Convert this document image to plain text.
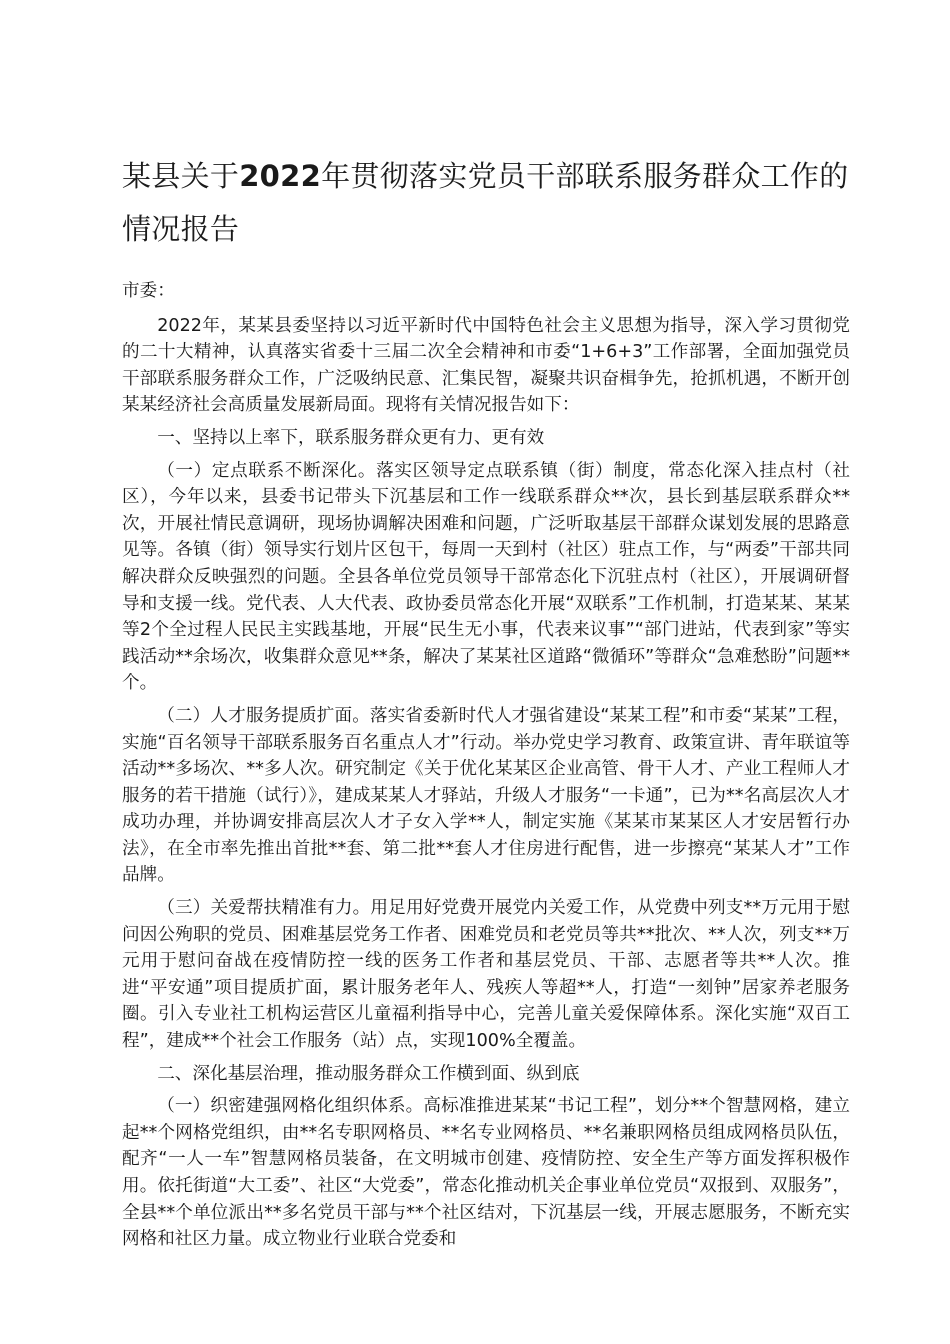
某县关于2022年贯彻落实党员干部联系服务群众工作的情况报告

市委：

2022年，某某县委坚持以习近平新时代中国特色社会主义思想为指导，深入学习贯彻党的二十大精神，认真落实省委十三届二次全会精神和市委“1+6+3”工作部署，全面加强党员干部联系服务群众工作，广泛吸纳民意、汇集民智，凝聚共识奋楫争先，抢抓机遇，不断开创某某经济社会高质量发展新局面。现将有关情况报告如下：

一、坚持以上率下，联系服务群众更有力、更有效

（一）定点联系不断深化。落实区领导定点联系镇（街）制度，常态化深入挂点村（社区），今年以来，县委书记带头下沉基层和工作一线联系群众**次，县长到基层联系群众**次，开展社情民意调研，现场协调解决困难和问题，广泛听取基层干部群众谋划发展的思路意见等。各镇（街）领导实行划片区包干，每周一天到村（社区）驻点工作，与“两委”干部共同解决群众反映强烈的问题。全县各单位党员领导干部常态化下沉驻点村（社区），开展调研督导和支援一线。党代表、人大代表、政协委员常态化开展“双联系”工作机制，打造某某、某某等2个全过程人民民主实践基地，开展“民生无小事，代表来议事”“部门进站，代表到家”等实践活动**余场次，收集群众意见**条，解决了某某社区道路“微循环”等群众“急难愁盼”问题**个。

（二）人才服务提质扩面。落实省委新时代人才强省建设“某某工程”和市委“某某”工程，实施“百名领导干部联系服务百名重点人才”行动。举办党史学习教育、政策宣讲、青年联谊等活动**多场次、**多人次。研究制定《关于优化某某区企业高管、骨干人才、产业工程师人才服务的若干措施（试行）》，建成某某人才驿站，升级人才服务“一卡通”，已为**名高层次人才成功办理，并协调安排高层次人才子女入学**人，制定实施《某某市某某区人才安居暂行办法》，在全市率先推出首批**套、第二批**套人才住房进行配售，进一步擦亮“某某人才”工作品牌。

（三）关爱帮扶精准有力。用足用好党费开展党内关爱工作，从党费中列支**万元用于慰问因公殉职的党员、困难基层党务工作者、困难党员和老党员等共**批次、**人次，列支**万元用于慰问奋战在疫情防控一线的医务工作者和基层党员、干部、志愿者等共**人次。推进“平安通”项目提质扩面，累计服务老年人、残疾人等超**人，打造“一刻钟”居家养老服务圈。引入专业社工机构运营区儿童福利指导中心，完善儿童关爱保障体系。深化实施“双百工程”，建成**个社会工作服务（站）点，实现100%全覆盖。

二、深化基层治理，推动服务群众工作横到面、纵到底

（一）织密建强网格化组织体系。高标准推进某某“书记工程”，划分**个智慧网格，建立起**个网格党组织，由**名专职网格员、**名专业网格员、**名兼职网格员组成网格员队伍，配齐“一人一车”智慧网格员装备，在文明城市创建、疫情防控、安全生产等方面发挥积极作用。依托街道“大工委”、社区“大党委”，常态化推动机关企事业单位党员“双报到、双服务”，全县**个单位派出**多名党员干部与**个社区结对，下沉基层一线，开展志愿服务，不断充实网格和社区力量。成立物业行业联合党委和
